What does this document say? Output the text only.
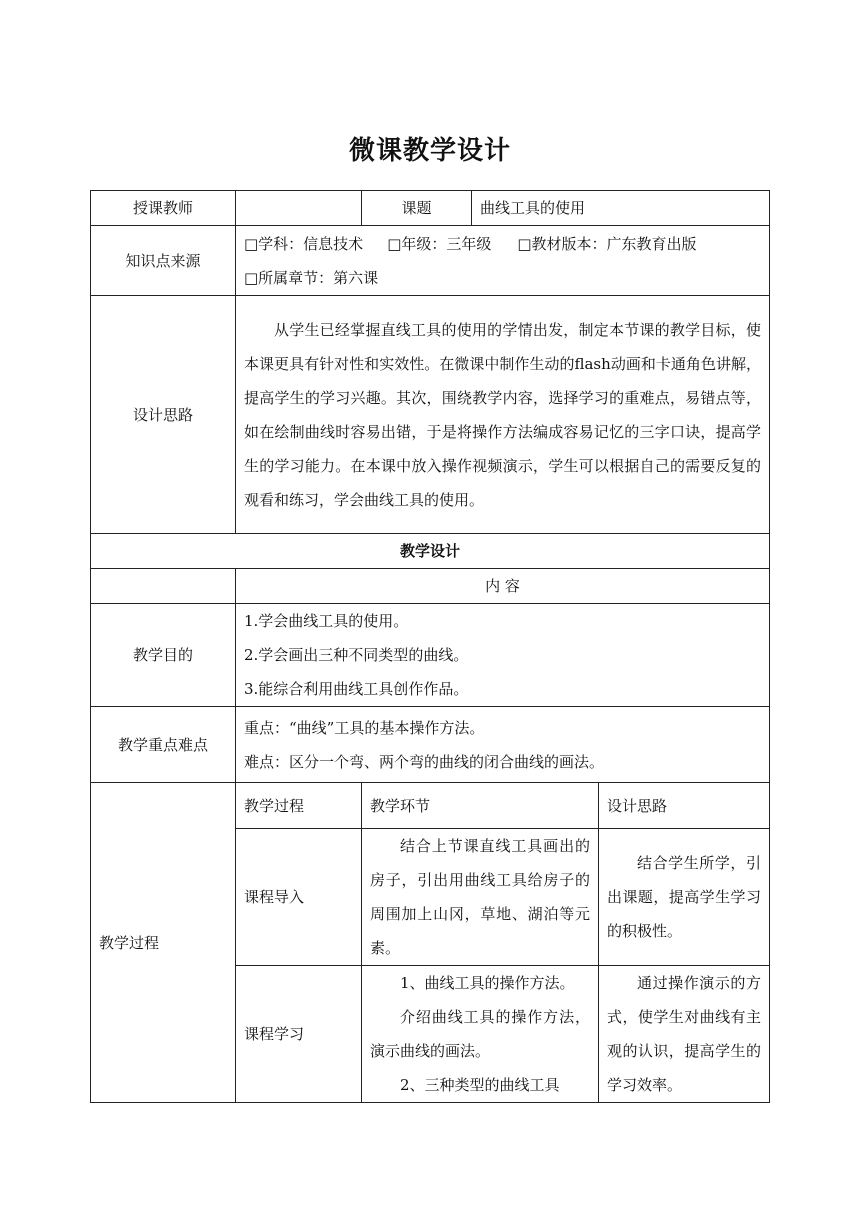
微课教学设计
授课教师		课题	曲线工具的使用	
知识点来源	□学科：信息技术 □年级：三年级 □教材版本：广东教育出版
□所属章节：第六课			

设计思路	从学生已经掌握直线工具的使用的学情出发，制定本节课的教学目标，使本课更具有针对性和实效性。在微课中制作生动的flash动画和卡通角色讲解，提高学生的学习兴趣。其次，围绕教学内容，选择学习的重难点，易错点等，如在绘制曲线时容易出错，于是将操作方法编成容易记忆的三字口诀，提高学生的学习能力。在本课中放入操作视频演示，学生可以根据自己的需要反复的观看和练习，学会曲线工具的使用。			

教学设计				
	内 容			
教学目的	1.学会曲线工具的使用。
2.学会画出三种不同类型的曲线。
3.能综合利用曲线工具创作作品。			

教学重点难点	重点：“曲线”工具的基本操作方法。
难点：区分一个弯、两个弯的曲线的闭合曲线的画法。			

教学过程	教学过程	教学环节		设计思路
	课程导入	结合上节课直线工具画出的房子，引出用曲线工具给房子的周围加上山冈，草地、湖泊等元素。		结合学生所学，引出课题，提高学生学习的积极性。

	课程学习	1、曲线工具的操作方法。

介绍曲线工具的操作方法，演示曲线的画法。

2、三种类型的曲线工具		通过操作演示的方式，使学生对曲线有主观的认识，提高学生的学习效率。
